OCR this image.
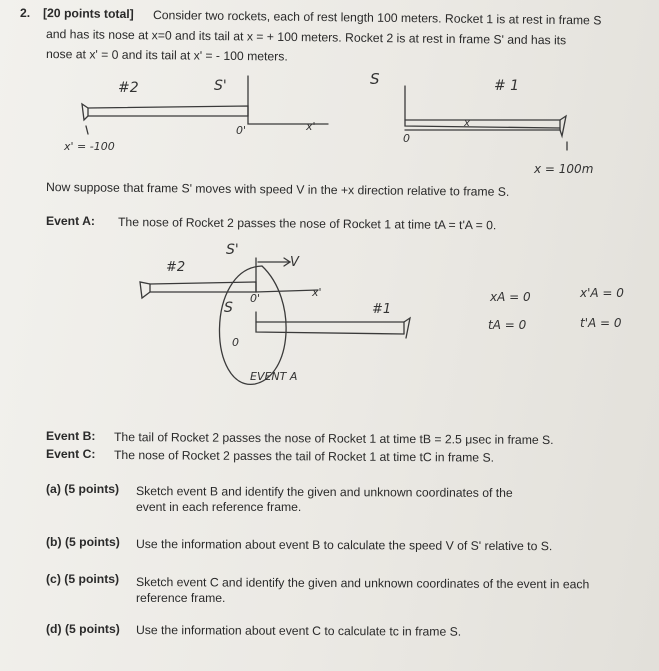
2. [20 points total] Consider two rockets, each of rest length 100 meters. Rocket 1 is at rest in frame S
and has its nose at x=0 and its tail at x = + 100 meters. Rocket 2 is at rest in frame S' and has its
nose at x' = 0 and its tail at x' = - 100 meters.
#2	S'
0'	x'
x' = -100
S	# 1
x
0
x = 100m
Now suppose that frame S' moves with speed V in the +x direction relative to frame S.
Event A: The nose of Rocket 2 passes the nose of Rocket 1 at time tA = t'A = 0.
S'
V
#2
0'	x'
S
0
#1
EVENT A
xA = 0
tA = 0
x'A = 0
t'A = 0
Event B: The tail of Rocket 2 passes the nose of Rocket 1 at time tB = 2.5 μsec in frame S.
Event C: The nose of Rocket 2 passes the tail of Rocket 1 at time tC in frame S.
(a) (5 points) Sketch event B and identify the given and unknown coordinates of the
event in each reference frame.
(b) (5 points) Use the information about event B to calculate the speed V of S' relative to S.
(c) (5 points) Sketch event C and identify the given and unknown coordinates of the event in each
reference frame.
(d) (5 points) Use the information about event C to calculate tc in frame S.
